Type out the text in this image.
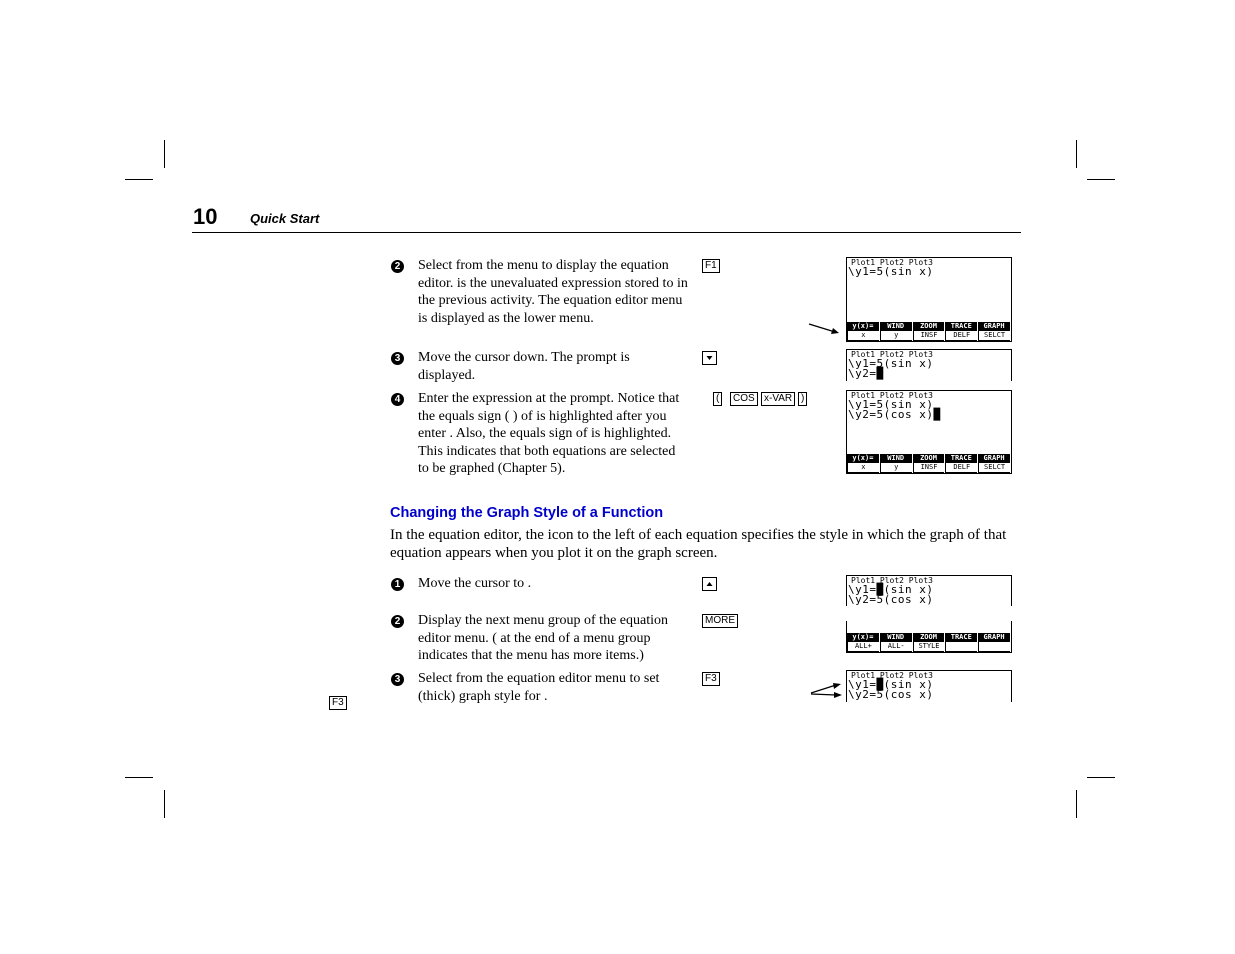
10	Quick Start
2 Select from the menu to display the equation editor. is the unevaluated expression stored to in the previous activity. The equation editor menu is displayed as the lower menu.
F1
3 Move the cursor down. The prompt is displayed.
4 Enter the expression at the prompt. Notice that the equals sign ( ) of is highlighted after you enter . Also, the equals sign of is highlighted. This indicates that both equations are selected to be graphed (Chapter 5).
(	COS x-VAR )
Plot1 Plot2 Plot3
\y1=5(sin x)
y(x)=	WIND	ZOOM	TRACE	GRAPH
x	y	INSF	DELF	SELCT
Plot1 Plot2 Plot3
\y1=5(sin x)
\y2=█
Plot1 Plot2 Plot3
\y1=5(sin x)
\y2=5(cos x)█
y(x)=	WIND	ZOOM	TRACE	GRAPH
x	y	INSF	DELF	SELCT
Changing the Graph Style of a Function
In the equation editor, the icon to the left of each equation specifies the style in which the graph of that equation appears when you plot it on the graph screen.
1 Move the cursor to .
2 Display the next menu group of the equation editor menu. ( at the end of a menu group indicates that the menu has more items.)
MORE
3 Select from the equation editor menu to set (thick) graph style for .
F3
F3
Plot1 Plot2 Plot3
\y1=█(sin x)
\y2=5(cos x)
y(x)=	WIND	ZOOM	TRACE	GRAPH
ALL+	ALL-	STYLE
Plot1 Plot2 Plot3
\y1=█(sin x)
\y2=5(cos x)
